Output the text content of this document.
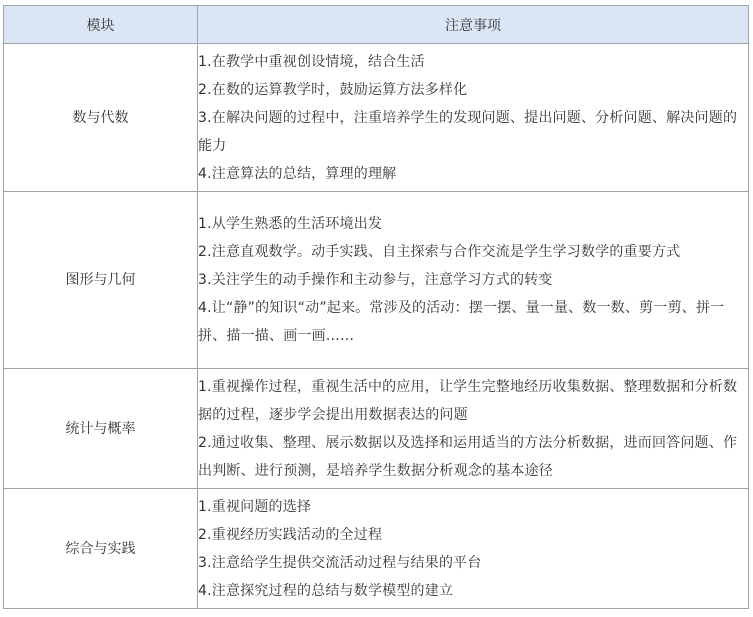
模块	注意事项
数与代数	1.在教学中重视创设情境，结合生活
2.在数的运算教学时，鼓励运算方法多样化
3.在解决问题的过程中，注重培养学生的发现问题、提出问题、分析问题、解决问题的能力
4.注意算法的总结，算理的理解

图形与几何	1.从学生熟悉的生活环境出发
2.注意直观数学。动手实践、自主探索与合作交流是学生学习数学的重要方式
3.关注学生的动手操作和主动参与，注意学习方式的转变
4.让“静”的知识“动”起来。常涉及的活动：摆一摆、量一量、数一数、剪一剪、拼一拼、描一描、画一画……

统计与概率	1.重视操作过程，重视生活中的应用，让学生完整地经历收集数据、整理数据和分析数据的过程，逐步学会提出用数据表达的问题
2.通过收集、整理、展示数据以及选择和运用适当的方法分析数据，进而回答问题、作出判断、进行预测，是培养学生数据分析观念的基本途径

综合与实践	1.重视问题的选择
2.重视经历实践活动的全过程
3.注意给学生提供交流活动过程与结果的平台
4.注意探究过程的总结与数学模型的建立
